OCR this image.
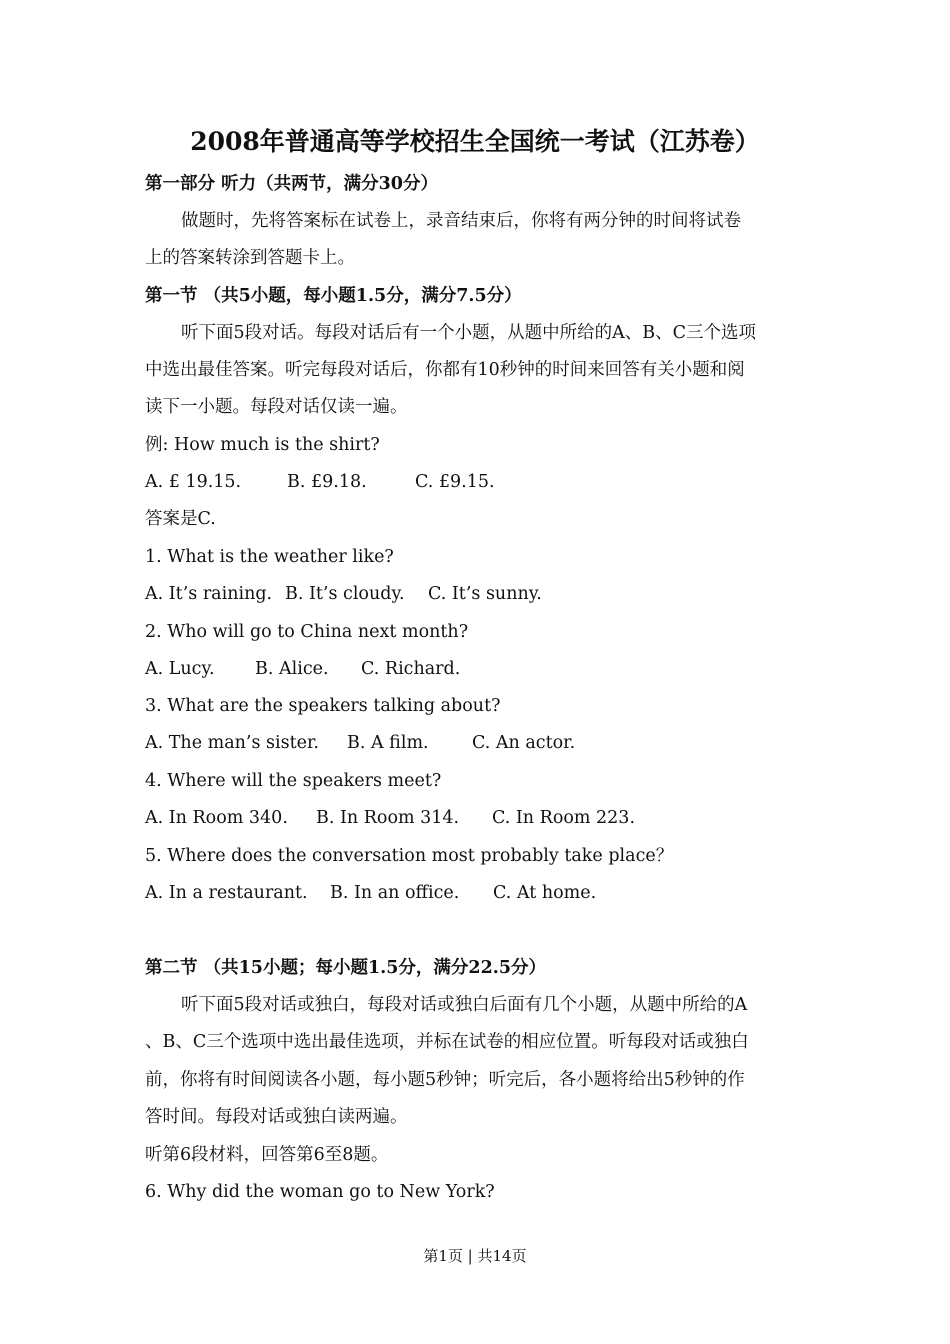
2008年普通高等学校招生全国统一考试（江苏卷）
第一部分 听力（共两节，满分30分）
做题时，先将答案标在试卷上，录音结束后，你将有两分钟的时间将试卷
上的答案转涂到答题卡上。
第一节 （共5小题，每小题1.5分，满分7.5分）
听下面5段对话。每段对话后有一个小题，从题中所给的A、B、C三个选项
中选出最佳答案。听完每段对话后，你都有10秒钟的时间来回答有关小题和阅
读下一小题。每段对话仅读一遍。
例: How much is the shirt?
A. £ 19.15.	B. £9.18.	C. £9.15.
答案是C.
1. What is the weather like?
A. It’s raining. B. It’s cloudy. C. It’s sunny.
2. Who will go to China next month?
A. Lucy. B. Alice. C. Richard.
3. What are the speakers talking about?
A. The man’s sister. B. A film. C. An actor.
4. Where will the speakers meet?
A. In Room 340. B. In Room 314. C. In Room 223.
5. Where does the conversation most probably take place？
A. In a restaurant. B. In an office. C. At home.
第二节 （共15小题；每小题1.5分，满分22.5分）
听下面5段对话或独白，每段对话或独白后面有几个小题，从题中所给的A
、B、C三个选项中选出最佳选项，并标在试卷的相应位置。听每段对话或独白
前，你将有时间阅读各小题，每小题5秒钟；听完后，各小题将给出5秒钟的作
答时间。每段对话或独白读两遍。
听第6段材料，回答第6至8题。
6. Why did the woman go to New York?
第1页 | 共14页
